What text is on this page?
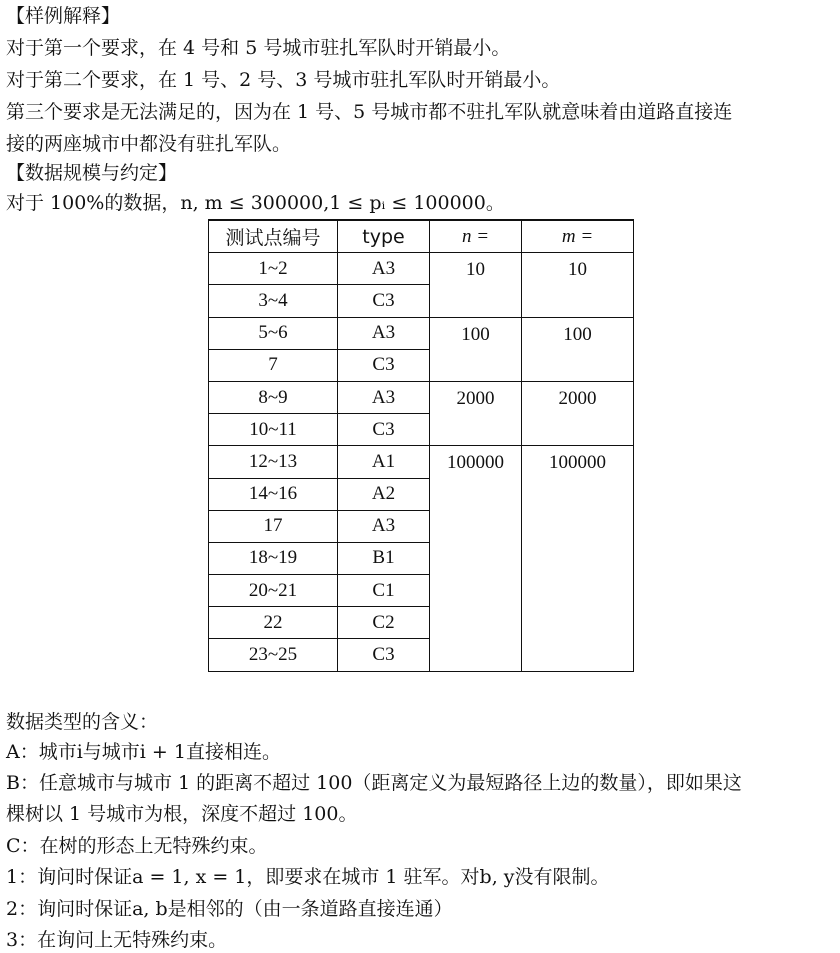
【样例解释】
对于第一个要求，在 4 号和 5 号城市驻扎军队时开销最小。
对于第二个要求，在 1 号、2 号、3 号城市驻扎军队时开销最小。
第三个要求是无法满足的，因为在 1 号、5 号城市都不驻扎军队就意味着由道路直接连
接的两座城市中都没有驻扎军队。
【数据规模与约定】
对于 100%的数据，n, m ≤ 300000,1 ≤ pᵢ ≤ 100000。
测试点编号	type	n =	m =
1~2	A3	10	10
3~4	C3		
5~6	A3	100	100
7	C3		
8~9	A3	2000	2000
10~11	C3		
12~13	A1	100000	100000
14~16	A2		
17	A3		
18~19	B1		
20~21	C1		
22	C2		
23~25	C3		
数据类型的含义：
A：城市i与城市i + 1直接相连。
B：任意城市与城市 1 的距离不超过 100（距离定义为最短路径上边的数量），即如果这
棵树以 1 号城市为根，深度不超过 100。
C：在树的形态上无特殊约束。
1：询问时保证a = 1, x = 1，即要求在城市 1 驻军。对b, y没有限制。
2：询问时保证a, b是相邻的（由一条道路直接连通）
3：在询问上无特殊约束。
